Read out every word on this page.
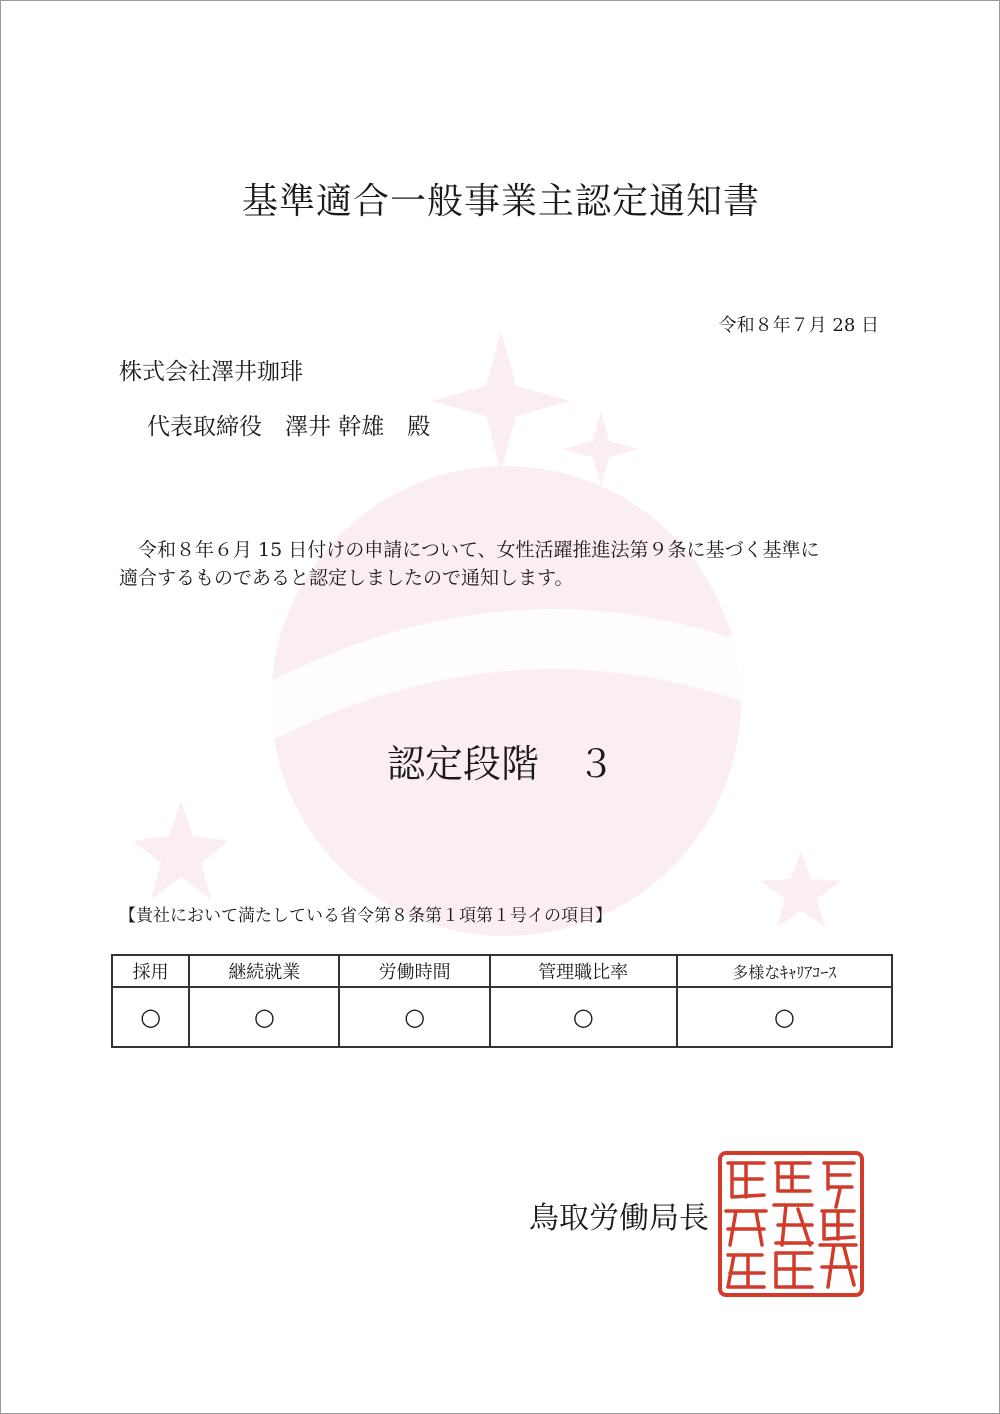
基準適合一般事業主認定通知書
令和８年７月 28 日
株式会社澤井珈琲
代表取締役　澤井 幹雄　殿

令和８年６月 15 日付けの申請について、女性活躍推進法第９条に基づく基準に

適合するものであると認定しましたので通知します。
認定段階　３
【貴社において満たしている省令第８条第１項第１号イの項目】
採用	継続就業	労働時間	管理職比率	多様なｷｬﾘｱｺｰｽ
○	○	○	○	○
鳥取労働局長
